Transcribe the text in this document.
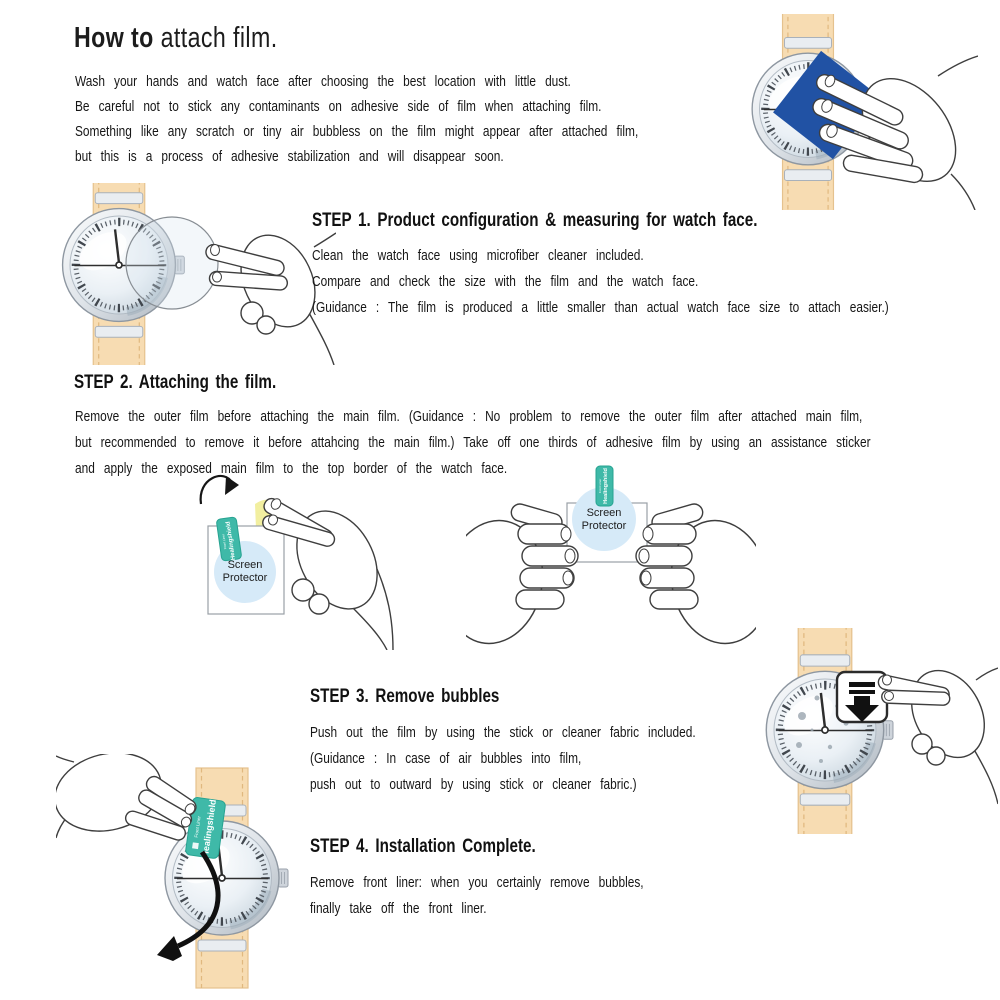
How to attach film.
Wash your hands and watch face after choosing the best location with little dust.
Be careful not to stick any contaminants on adhesive side of film when attaching film.
Something like any scratch or tiny air bubbless on the film might appear after attached film,
but this is a process of adhesive stabilization and will disappear soon.
STEP 1. Product configuration & measuring for watch face.
Clean the watch face using microfiber cleaner included.
Compare and check the size with the film and the watch face.
(Guidance : The film is produced a little smaller than actual watch face size to attach easier.)
STEP 2. Attaching the film.
Remove the outer film before attaching the main film. (Guidance : No problem to remove the outer film after attached main film,
but recommended to remove it before attahcing the main film.) Take off one thirds of adhesive film by using an assistance sticker
and apply the exposed main film to the top border of the watch face.
Healingshield
Front Liner
Screen
Protector
Healingshield
Front Liner
Screen
Protector
STEP 3. Remove bubbles
Push out the film by using the stick or cleaner fabric included.
(Guidance : In case of air bubbles into film,
push out to outward by using stick or cleaner fabric.)
STEP 4. Installation Complete.
Remove front liner: when you certainly remove bubbles,
finally take off the front liner.
Healingshield
Front Liner
